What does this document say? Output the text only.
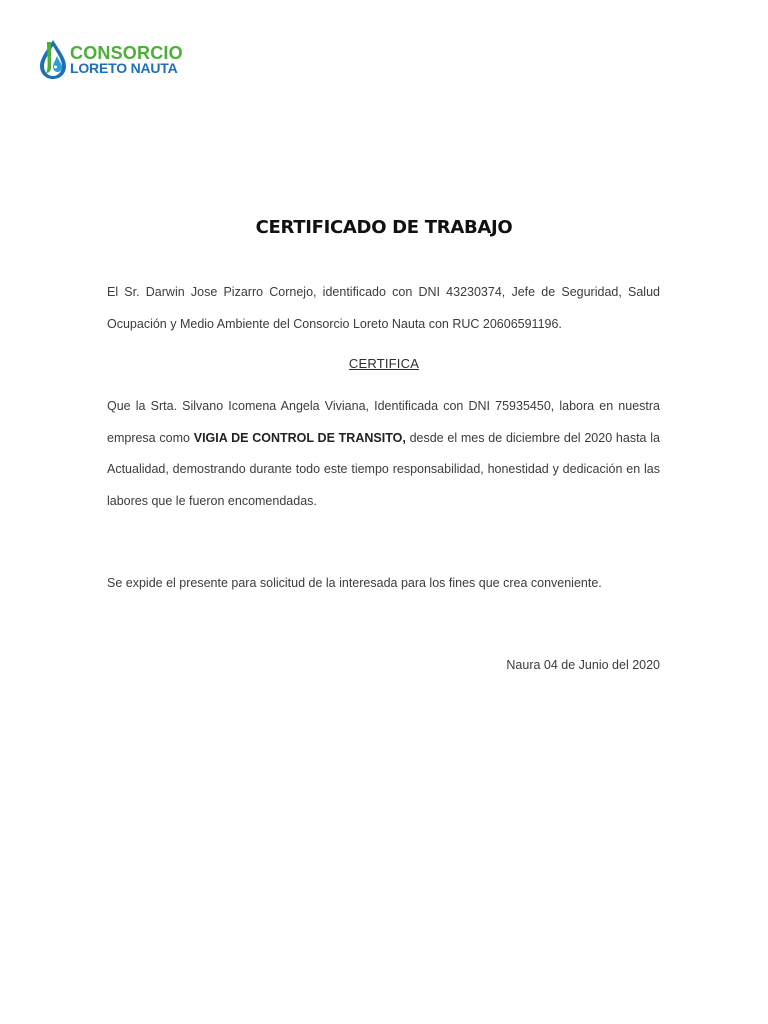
CONSORCIO
LORETO NAUTA
CERTIFICADO DE TRABAJO
El Sr. Darwin Jose Pizarro Cornejo, identificado con DNI 43230374, Jefe de Seguridad, Salud Ocupación y Medio Ambiente del Consorcio Loreto Nauta con RUC 20606591196.
CERTIFICA
Que la Srta. Silvano Icomena Angela Viviana, Identificada con DNI 75935450, labora en nuestra empresa como VIGIA DE CONTROL DE TRANSITO, desde el mes de diciembre del 2020 hasta la Actualidad, demostrando durante todo este tiempo responsabilidad, honestidad y dedicación en las labores que le fueron encomendadas.
Se expide el presente para solicitud de la interesada para los fines que crea conveniente.
Naura 04 de Junio del 2020
